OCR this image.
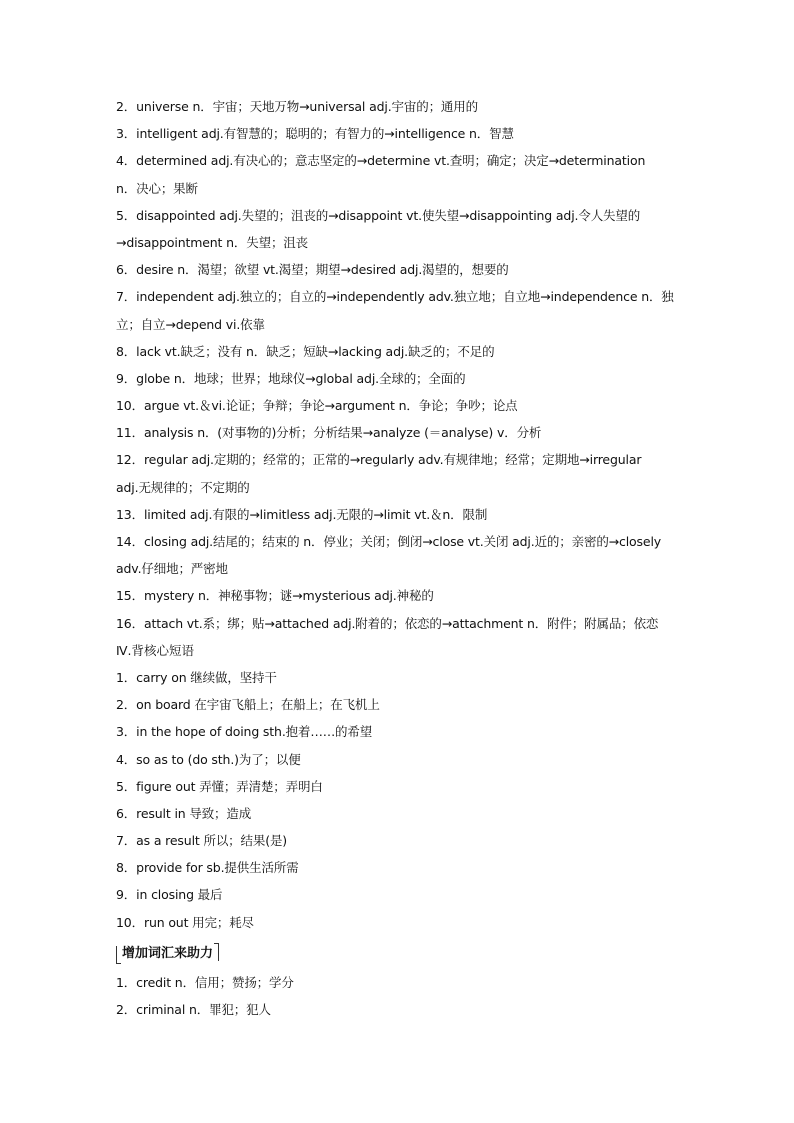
2．universe n．宇宙；天地万物→universal adj.宇宙的；通用的
3．intelligent adj.有智慧的；聪明的；有智力的→intelligence n．智慧
4．determined adj.有决心的；意志坚定的→determine vt.查明；确定；决定→determination
n．决心；果断
5．disappointed adj.失望的；沮丧的→disappoint vt.使失望→disappointing adj.令人失望的
→disappointment n．失望；沮丧
6．desire n．渴望；欲望 vt.渴望；期望→desired adj.渴望的，想要的
7．independent adj.独立的；自立的→independently adv.独立地；自立地→independence n．独
立；自立→depend vi.依靠
8．lack vt.缺乏；没有 n．缺乏；短缺→lacking adj.缺乏的；不足的
9．globe n．地球；世界；地球仪→global adj.全球的；全面的
10．argue vt.＆vi.论证；争辩；争论→argument n．争论；争吵；论点
11．analysis n．(对事物的)分析；分析结果→analyze (＝analyse) v．分析
12．regular adj.定期的；经常的；正常的→regularly adv.有规律地；经常；定期地→irregular
adj.无规律的；不定期的
13．limited adj.有限的→limitless adj.无限的→limit vt.＆n．限制
14．closing adj.结尾的；结束的 n．停业；关闭；倒闭→close vt.关闭 adj.近的；亲密的→closely
adv.仔细地；严密地
15．mystery n．神秘事物；谜→mysterious adj.神秘的
16．attach vt.系；绑；贴→attached adj.附着的；依恋的→attachment n．附件；附属品；依恋
Ⅳ.背核心短语
1．carry on 继续做，坚持干
2．on board 在宇宙飞船上；在船上；在飞机上
3．in the hope of doing sth.抱着……的希望
4．so as to (do sth.)为了；以便
5．figure out 弄懂；弄清楚；弄明白
6．result in 导致；造成
7．as a result 所以；结果(是)
8．provide for sb.提供生活所需
9．in closing 最后
10．run out 用完；耗尽
增加词汇来助力
1．credit n．信用；赞扬；学分
2．criminal n．罪犯；犯人
